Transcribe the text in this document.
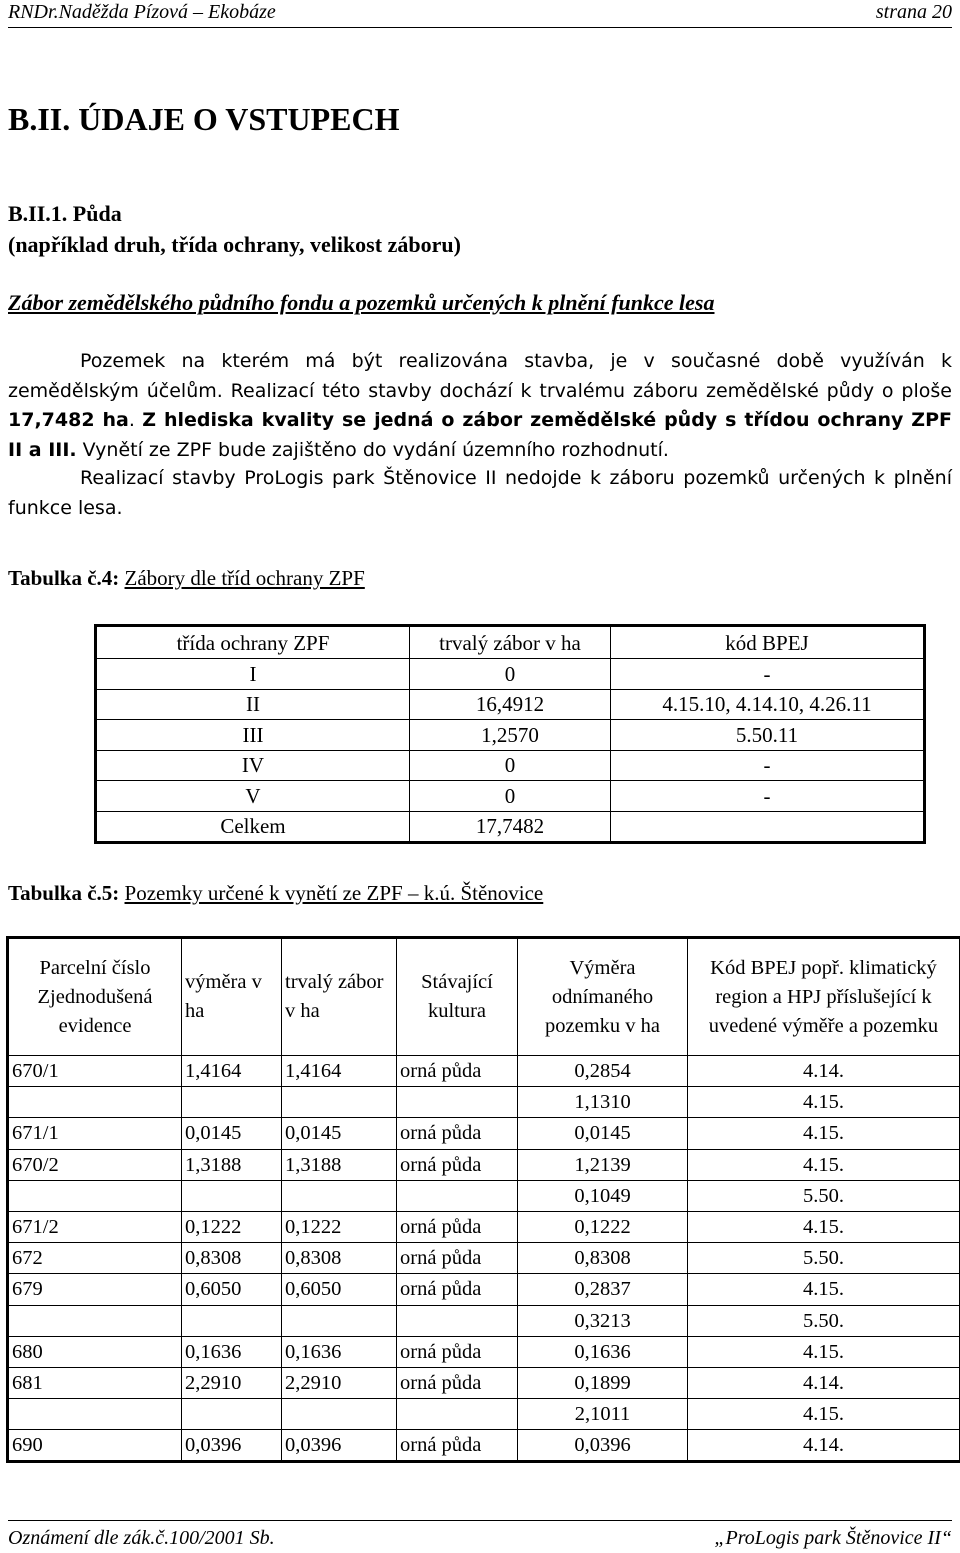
RNDr.Naděžda Pízová – Ekobáze	strana 20
B.II. ÚDAJE O VSTUPECH
B.II.1. Půda
(například druh, třída ochrany, velikost záboru)
Zábor zemědělského půdního fondu a pozemků určených k plnění funkce lesa
Pozemek na kterém má být realizována stavba, je v současné době využíván k zemědělským účelům. Realizací této stavby dochází k trvalému záboru zemědělské půdy o ploše 17,7482 ha. Z hlediska kvality se jedná o zábor zemědělské půdy s třídou ochrany ZPF II a III. Vynětí ze ZPF bude zajištěno do vydání územního rozhodnutí.
Realizací stavby ProLogis park Štěnovice II nedojde k záboru pozemků určených k plnění funkce lesa.
Tabulka č.4: Zábory dle tříd ochrany ZPF
třída ochrany ZPF	trvalý zábor v ha	kód BPEJ
I	0	-
II	16,4912	4.15.10, 4.14.10, 4.26.11
III	1,2570	5.50.11
IV	0	-
V	0	-
Celkem	17,7482	
Tabulka č.5: Pozemky určené k vynětí ze ZPF – k.ú. Štěnovice
Parcelní číslo Zjednodušená evidence	výměra v ha	trvalý zábor v ha	Stávající kultura	Výměra odnímaného pozemku v ha	Kód BPEJ popř. klimatický region a HPJ příslušející k uvedené výměře a pozemku
670/1	1,4164	1,4164	orná půda	0,2854	4.14.
				1,1310	4.15.
671/1	0,0145	0,0145	orná půda	0,0145	4.15.
670/2	1,3188	1,3188	orná půda	1,2139	4.15.
				0,1049	5.50.
671/2	0,1222	0,1222	orná půda	0,1222	4.15.
672	0,8308	0,8308	orná půda	0,8308	5.50.
679	0,6050	0,6050	orná půda	0,2837	4.15.
				0,3213	5.50.
680	0,1636	0,1636	orná půda	0,1636	4.15.
681	2,2910	2,2910	orná půda	0,1899	4.14.
				2,1011	4.15.
690	0,0396	0,0396	orná půda	0,0396	4.14.
Oznámení dle zák.č.100/2001 Sb.	„ProLogis park Štěnovice II“
